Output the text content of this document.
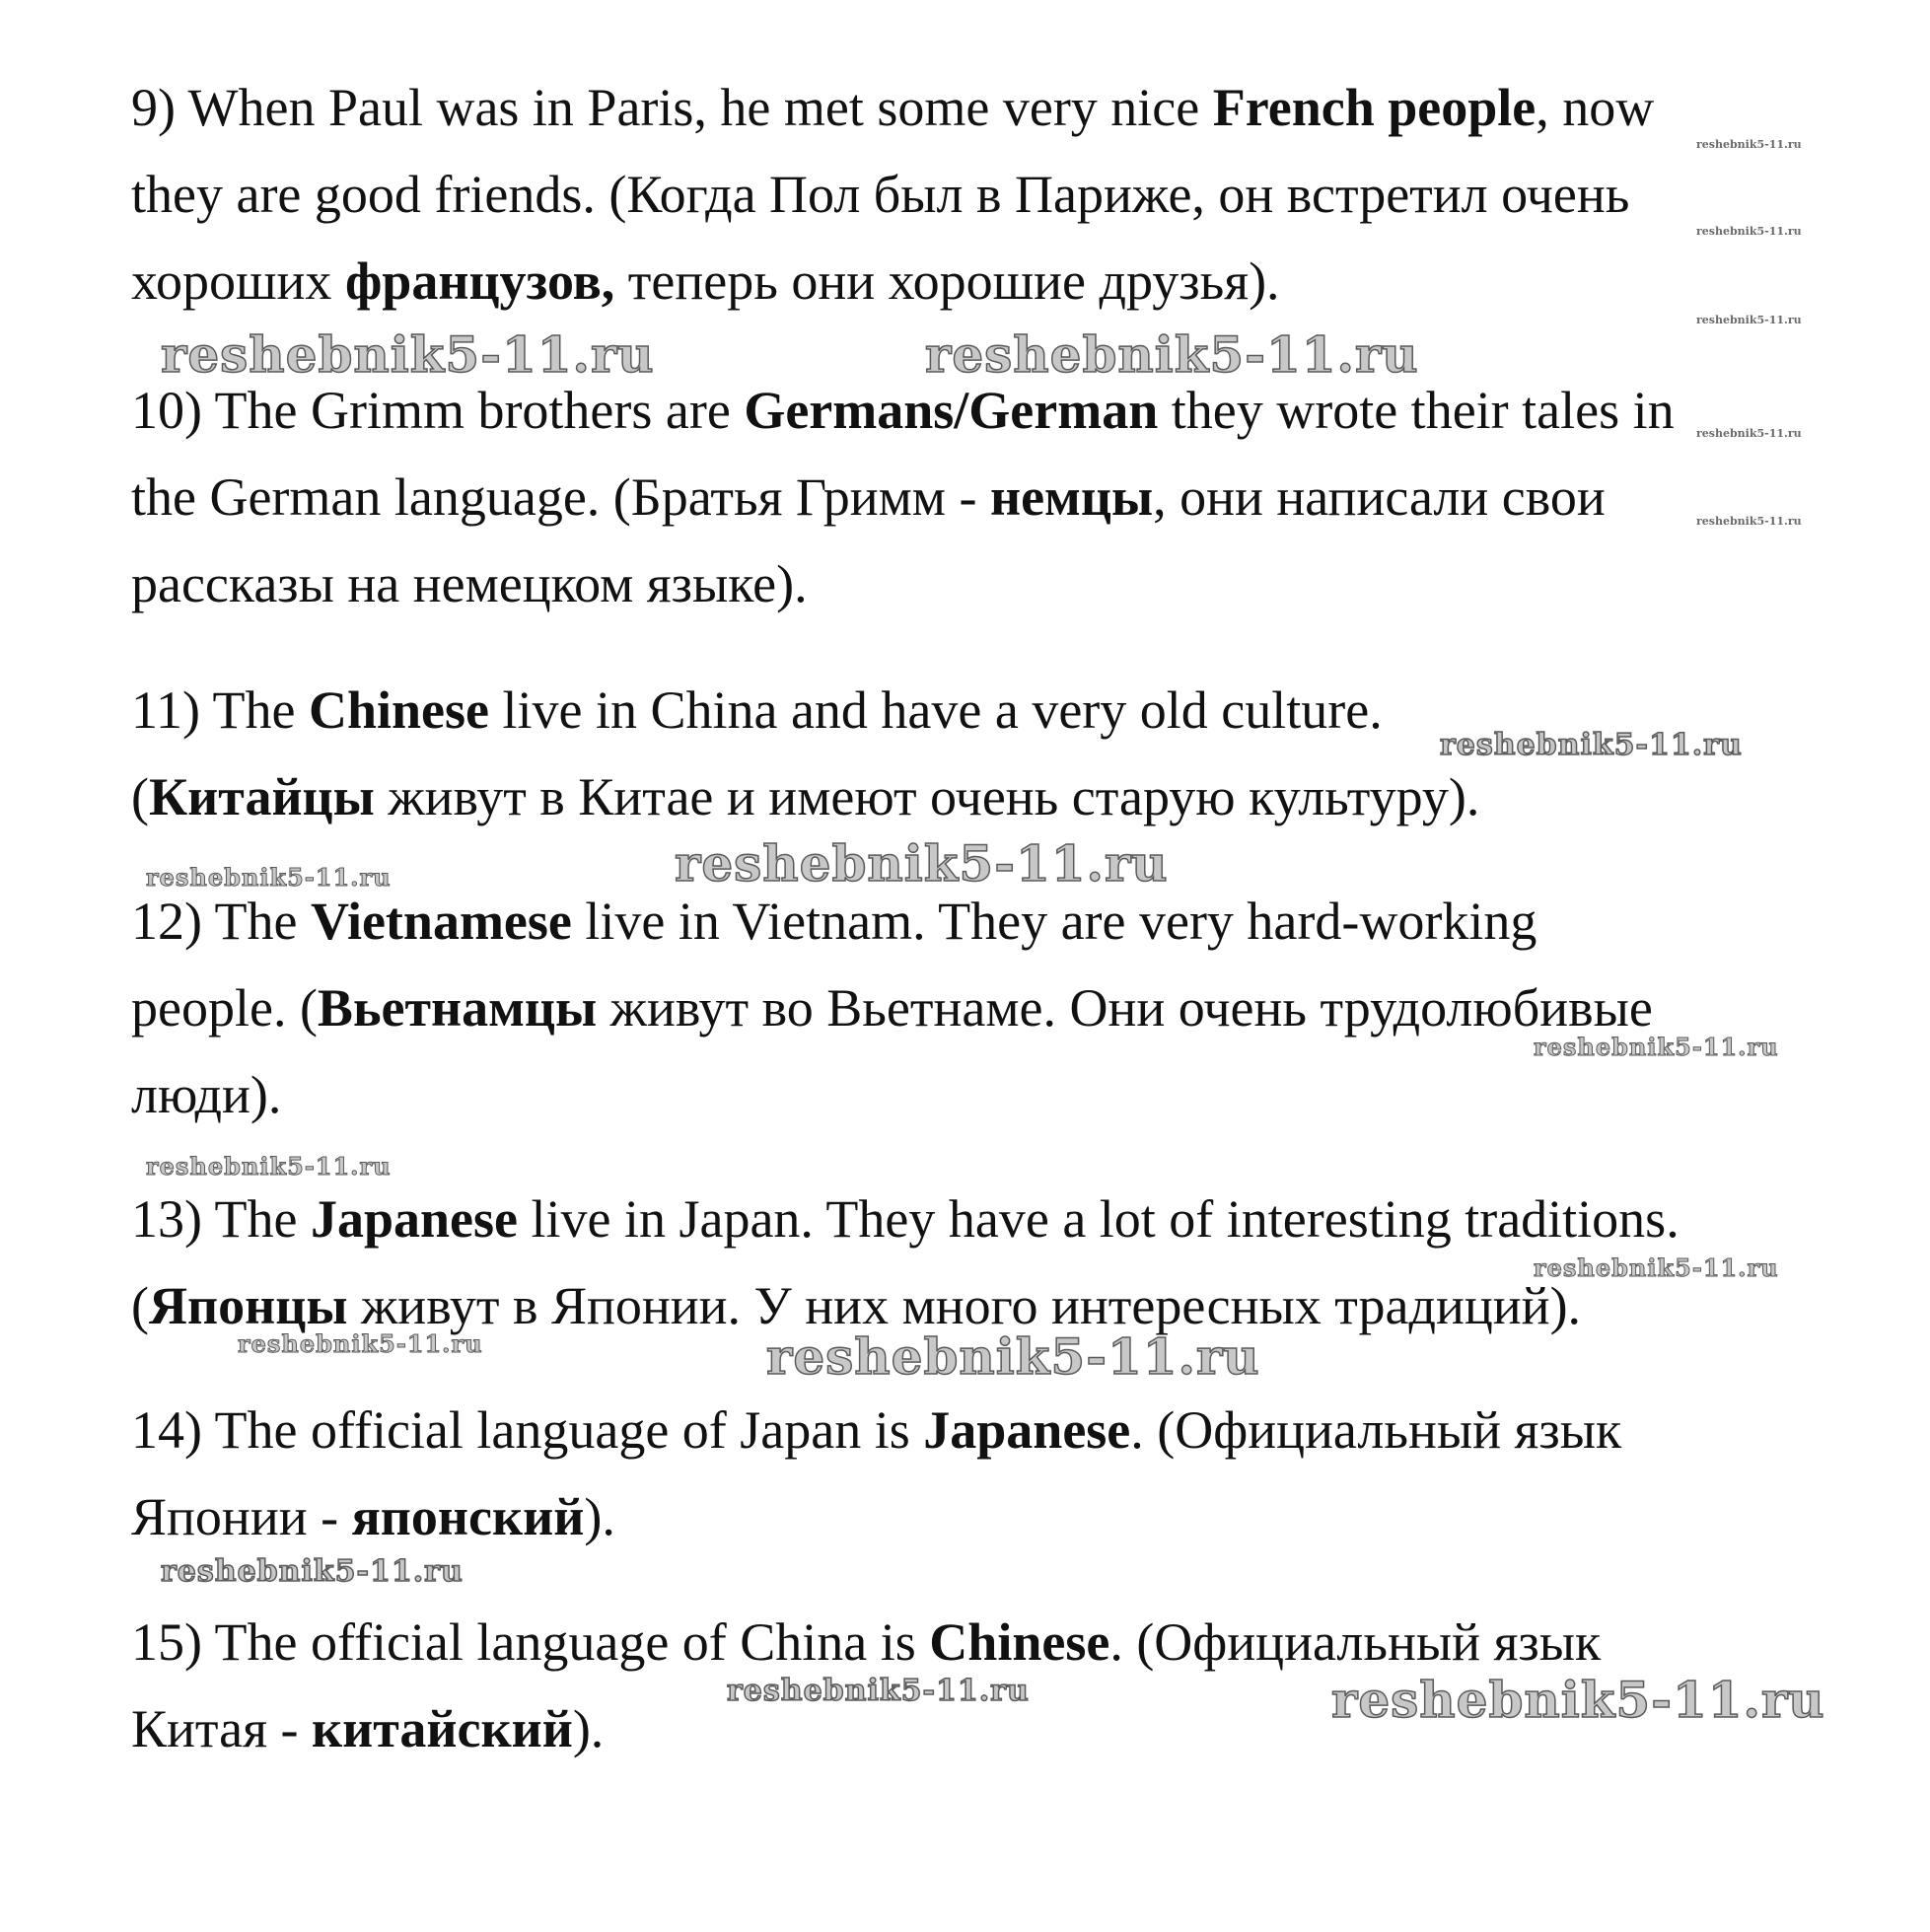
9) When Paul was in Paris, he met some very nice French people, now
they are good friends. (Когда Пол был в Париже, он встретил очень
хороших французов, теперь они хорошие друзья).

10) The Grimm brothers are Germans/German they wrote their tales in
the German language. (Братья Гримм - немцы, они написали свои
рассказы на немецком языке).

11) The Chinese live in China and have a very old culture.
(Китайцы живут в Китае и имеют очень старую культуру).

12) The Vietnamese live in Vietnam. They are very hard-working
people. (Вьетнамцы живут во Вьетнаме. Они очень трудолюбивые
люди).

13) The Japanese live in Japan. They have a lot of interesting traditions.
(Японцы живут в Японии. У них много интересных традиций).

14) The official language of Japan is Japanese. (Официальный язык
Японии - японский).

15) The official language of China is Chinese. (Официальный язык
Китая - китайский).

reshebnik5-11.ru	reshebnik5-11.ru
reshebnik5-11.ru
reshebnik5-11.ru	reshebnik5-11.ru
reshebnik5-11.ru
reshebnik5-11.ru
reshebnik5-11.ru
reshebnik5-11.ru	reshebnik5-11.ru
reshebnik5-11.ru
reshebnik5-11.ru	reshebnik5-11.ru
reshebnik5-11.ru
reshebnik5-11.ru
reshebnik5-11.ru
reshebnik5-11.ru
reshebnik5-11.ru
